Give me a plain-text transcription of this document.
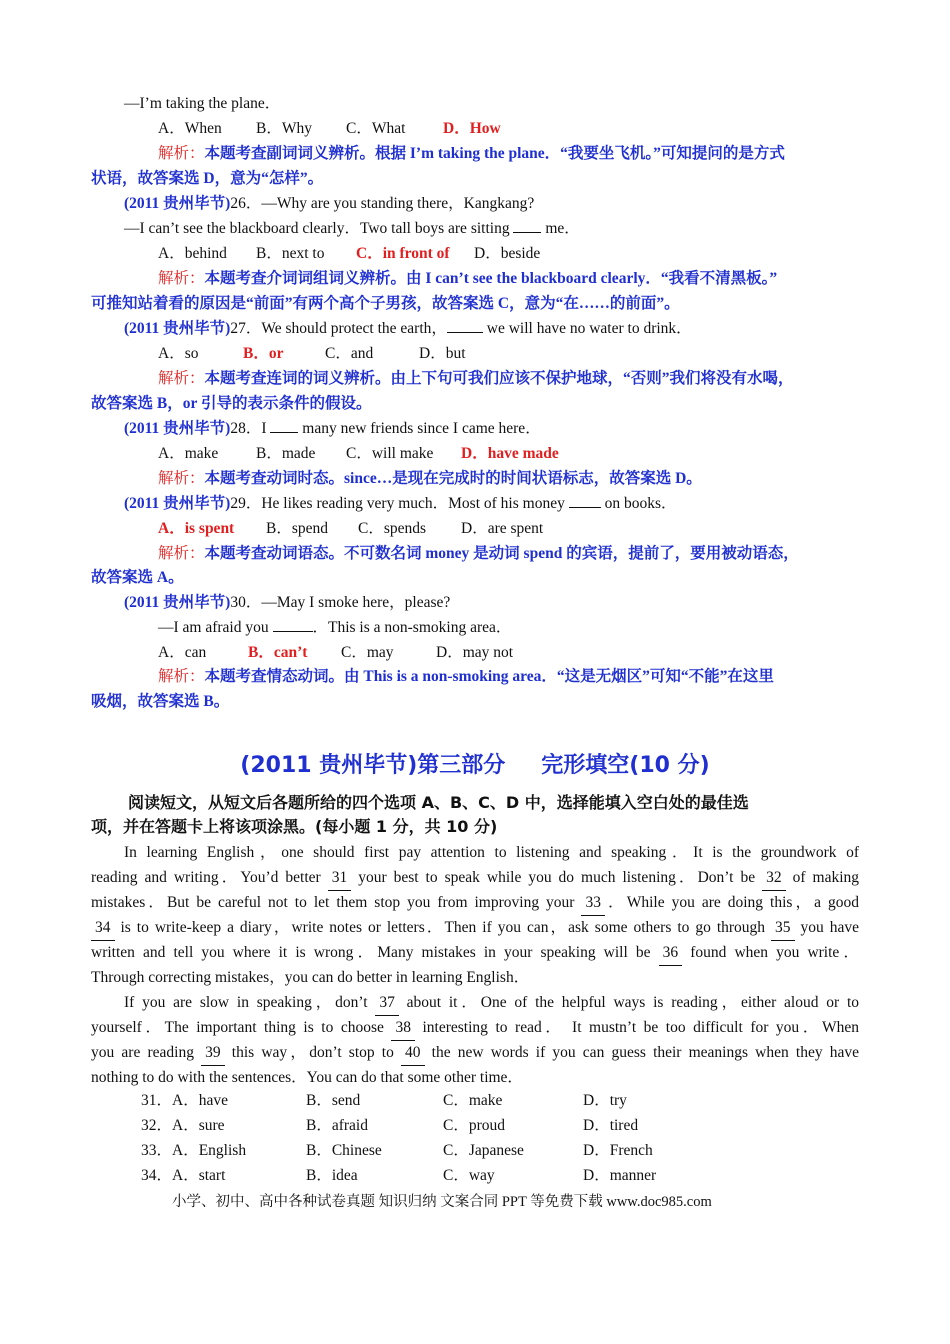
—I’m taking the plane．
A．When B．Why C．What D．How
解析：本题考查副词词义辨析。根据 I’m taking the plane．“我要坐飞机。”可知提问的是方式
状语，故答案选 D，意为“怎样”。
(2011 贵州毕节)26．—Why are you standing there，Kangkang?
—I can’t see the blackboard clearly．Two tall boys are sitting me．
A．behind B．next to C．in front of D．beside
解析：本题考查介词词组词义辨析。由 I can’t see the blackboard clearly．“我看不清黑板。”
可推知站着看的原因是“前面”有两个高个子男孩，故答案选 C，意为“在……的前面”。
(2011 贵州毕节)27．We should protect the earth，	we will have no water to drink．
A．so	B．or	C．and	D．but
解析：本题考查连词的词义辨析。由上下句可我们应该不保护地球，“否则”我们将没有水喝，
故答案选 B，or 引导的表示条件的假设。
(2011 贵州毕节)28．I many new friends since I came here．
A．make B．made C．will make D．have made
解析：本题考查动词时态。since…是现在完成时的时间状语标志，故答案选 D。
(2011 贵州毕节)29．He likes reading very much．Most of his money	on books．
A．is spent B．spend C．spends D．are spent
解析：本题考查动词语态。不可数名词 money 是动词 spend 的宾语，提前了，要用被动语态，
故答案选 A。
(2011 贵州毕节)30．—May I smoke here，please?
—I am afraid you	．This is a non-smoking area．
A．can	B．can’t C．may	D．may not
解析：本题考查情态动词。由 This is a non-smoking area．“这是无烟区”可知“不能”在这里
吸烟，故答案选 B。
(2011 贵州毕节)第三部分 完形填空(10 分)
阅读短文，从短文后各题所给的四个选项 A、B、C、D 中，选择能填入空白处的最佳选
项，并在答题卡上将该项涂黑。(每小题 1 分，共 10 分)
In learning English，one should first pay attention to listening and speaking．It is the groundwork of
reading and writing．You’d better 31 your best to speak while you do much listening．Don’t be 32 of making
mistakes．But be careful not to let them stop you from improving your 33 ．While you are doing this，a good
34 is to write-keep a diary，write notes or letters．Then if you can，ask some others to go through 35 you have
written and tell you where it is wrong．Many mistakes in your speaking will be 36 found when you write．
Through correcting mistakes，you can do better in learning English．
If you are slow in speaking，don’t 37 about it．One of the helpful ways is reading，either aloud or to
yourself．The important thing is to choose 38 interesting to read． It mustn’t be too difficult for you．When
you are reading 39 this way，don’t stop to 40 the new words if you can guess their meanings when they have
nothing to do with the sentences．You can do that some other time．
31．A．have	B．send	C．make	D．try
32．A．sure	B．afraid	C．proud	D．tired
33．A．English	B．Chinese	C．Japanese	D．French
34．A．start	B．idea	C．way	D．manner
小学、初中、高中各种试卷真题 知识归纳 文案合同 PPT 等免费下载 www.doc985.com
